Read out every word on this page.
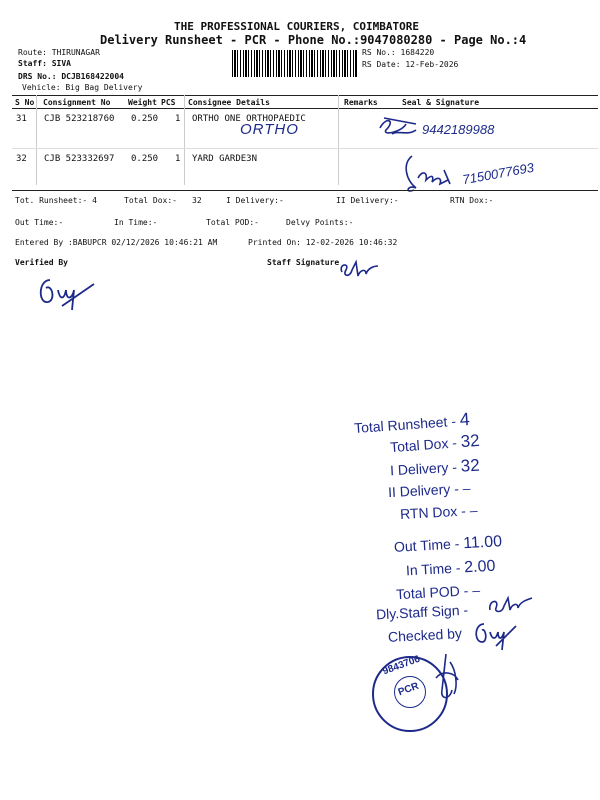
THE PROFESSIONAL COURIERS, COIMBATORE
Delivery Runsheet - PCR - Phone No.:9047080280 - Page No.:4
Route: THIRUNAGAR
Staff: SIVA
DRS No.: DCJB168422004
Vehicle: Big Bag Delivery
RS No.: 1684220
RS Date: 12-Feb-2026
S No Consignment No Weight PCS Consignee Details	Remarks	Seal & Signature
31 CJB 523218760 0.250 1 ORTHO ONE ORTHOPAEDIC
ORTHO	9442189988
32 CJB 523332697 0.250 1 YARD GARDE3N
7150077693
Tot. Runsheet:- 4	Total Dox:- 32	I Delivery:-	II Delivery:-	RTN Dox:-
Out Time:-	In Time:-	Total POD:-	Delvy Points:-
Entered By :BABUPCR 02/12/2026 10:46:21 AM	Printed On: 12-02-2026 10:46:32
Verified By	Staff Signature
Total Runsheet - 4
Total Dox - 32
I Delivery - 32
II Delivery - –
RTN Dox - –
Out Time - 11.00
In Time - 2.00
Total POD - –
Dly.Staff Sign -
Checked by
9843706
PCR
